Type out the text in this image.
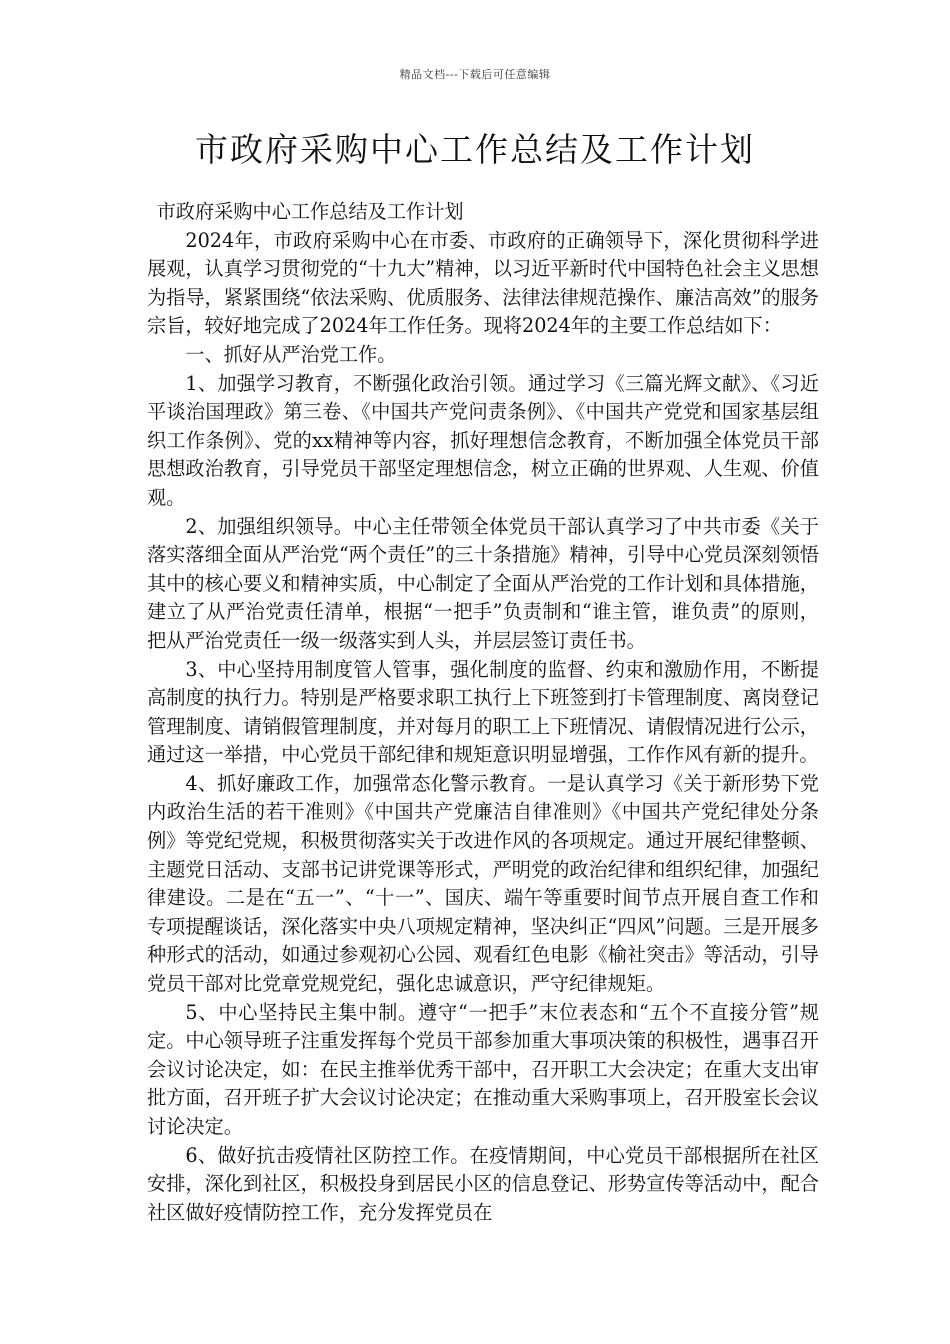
精品文档---下载后可任意编辑
市政府采购中心工作总结及工作计划

市政府采购中心工作总结及工作计划

2024年，市政府采购中心在市委、市政府的正确领导下，深化贯彻科学进展观，认真学习贯彻党的“十九大”精神，以习近平新时代中国特色社会主义思想为指导，紧紧围绕“依法采购、优质服务、法律法律规范操作、廉洁高效”的服务宗旨，较好地完成了2024年工作任务。现将2024年的主要工作总结如下：

一、抓好从严治党工作。

1、加强学习教育，不断强化政治引领。通过学习《三篇光辉文献》、《习近平谈治国理政》第三卷、《中国共产党问责条例》、《中国共产党党和国家基层组织工作条例》、党的xx精神等内容，抓好理想信念教育，不断加强全体党员干部思想政治教育，引导党员干部坚定理想信念，树立正确的世界观、人生观、价值观。

2、加强组织领导。中心主任带领全体党员干部认真学习了中共市委《关于落实落细全面从严治党“两个责任”的三十条措施》精神，引导中心党员深刻领悟其中的核心要义和精神实质，中心制定了全面从严治党的工作计划和具体措施，建立了从严治党责任清单，根据“一把手”负责制和“谁主管，谁负责”的原则，把从严治党责任一级一级落实到人头，并层层签订责任书。

3、中心坚持用制度管人管事，强化制度的监督、约束和激励作用，不断提高制度的执行力。特别是严格要求职工执行上下班签到打卡管理制度、离岗登记管理制度、请销假管理制度，并对每月的职工上下班情况、请假情况进行公示，通过这一举措，中心党员干部纪律和规矩意识明显增强，工作作风有新的提升。

4、抓好廉政工作，加强常态化警示教育。一是认真学习《关于新形势下党内政治生活的若干准则》《中国共产党廉洁自律准则》《中国共产党纪律处分条例》等党纪党规，积极贯彻落实关于改进作风的各项规定。通过开展纪律整顿、主题党日活动、支部书记讲党课等形式，严明党的政治纪律和组织纪律，加强纪律建设。二是在“五一”、“十一”、国庆、端午等重要时间节点开展自查工作和专项提醒谈话，深化落实中央八项规定精神，坚决纠正“四风”问题。三是开展多种形式的活动，如通过参观初心公园、观看红色电影《榆社突击》等活动，引导党员干部对比党章党规党纪，强化忠诚意识，严守纪律规矩。

5、中心坚持民主集中制。遵守“一把手”末位表态和“五个不直接分管”规定。中心领导班子注重发挥每个党员干部参加重大事项决策的积极性，遇事召开会议讨论决定，如：在民主推举优秀干部中，召开职工大会决定；在重大支出审批方面，召开班子扩大会议讨论决定；在推动重大采购事项上，召开股室长会议讨论决定。

6、做好抗击疫情社区防控工作。在疫情期间，中心党员干部根据所在社区安排，深化到社区，积极投身到居民小区的信息登记、形势宣传等活动中，配合社区做好疫情防控工作，充分发挥党员在
